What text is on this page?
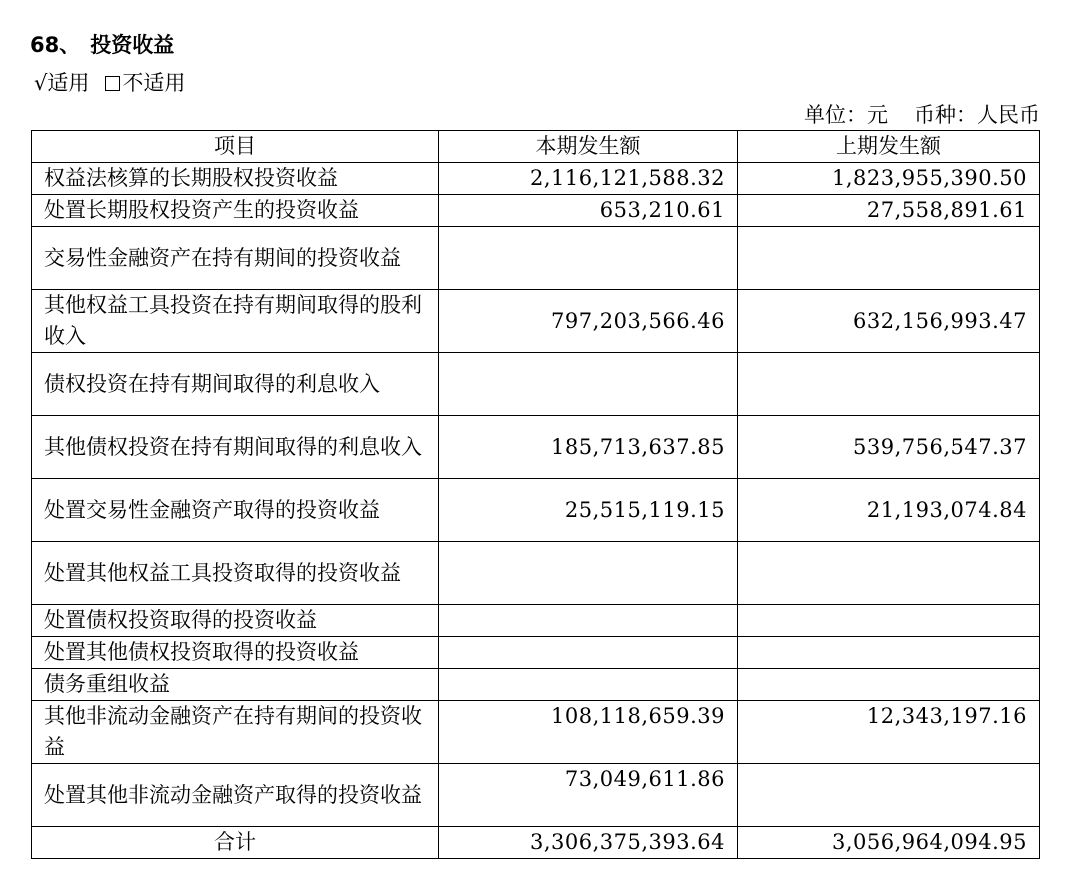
68、 投资收益
√适用 不适用
单位：元 币种：人民币
项目	本期发生额	上期发生额
权益法核算的长期股权投资收益	2,116,121,588.32	1,823,955,390.50
处置长期股权投资产生的投资收益	653,210.61	27,558,891.61
交易性金融资产在持有期间的投资收益		
其他权益工具投资在持有期间取得的股利收入	797,203,566.46	632,156,993.47
债权投资在持有期间取得的利息收入		
其他债权投资在持有期间取得的利息收入	185,713,637.85	539,756,547.37
处置交易性金融资产取得的投资收益	25,515,119.15	21,193,074.84
处置其他权益工具投资取得的投资收益		
处置债权投资取得的投资收益		
处置其他债权投资取得的投资收益		
债务重组收益		
其他非流动金融资产在持有期间的投资收益	108,118,659.39	12,343,197.16
处置其他非流动金融资产取得的投资收益	73,049,611.86	
合计	3,306,375,393.64	3,056,964,094.95
